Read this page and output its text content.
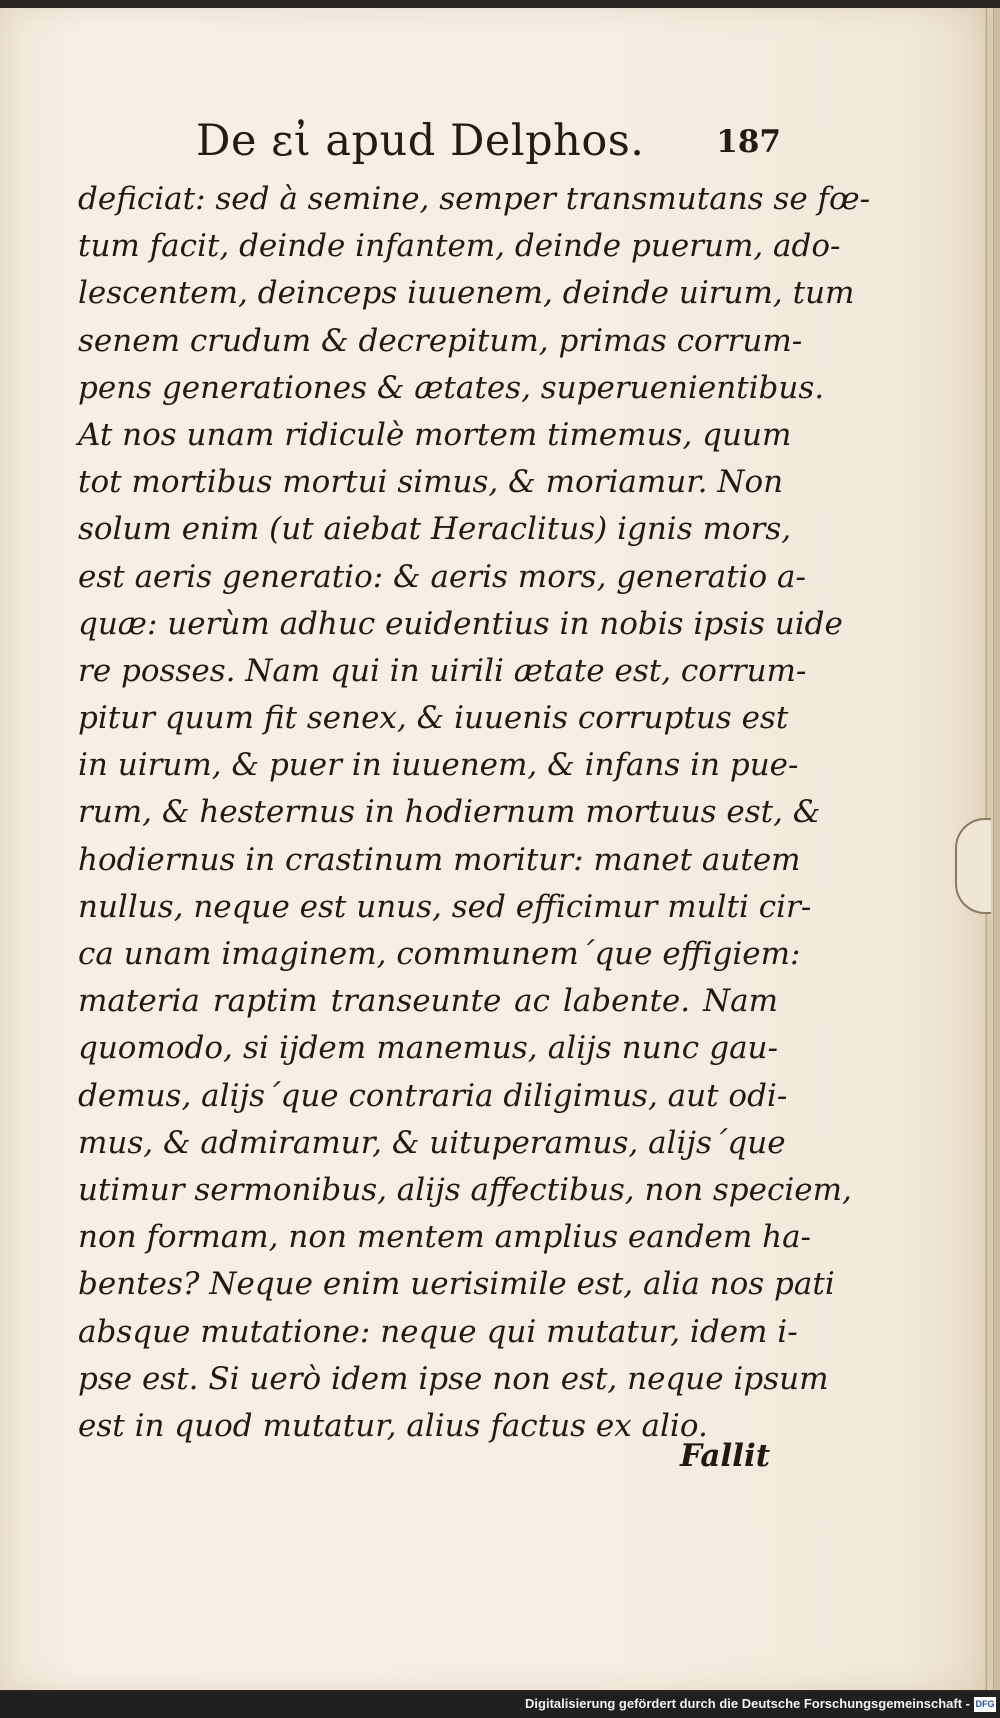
De εἰ apud Delphos. 187
deficiat: sed à semine, semper transmutans se fœ-
tum facit, deinde infantem, deinde puerum, ado-
lescentem, deinceps iuuenem, deinde uirum, tum
senem crudum & decrepitum, primas corrum-
pens generationes & ætates, superuenientibus.
At nos unam ridiculè mortem timemus, quum
tot mortibus mortui simus, & moriamur. Non
solum enim (ut aiebat Heraclitus) ignis mors,
est aeris generatio: & aeris mors, generatio a-
quæ: uerùm adhuc euidentius in nobis ipsis uide
re posses. Nam qui in uirili ætate est, corrum-
pitur quum fit senex, & iuuenis corruptus est
in uirum, & puer in iuuenem, & infans in pue-
rum, & hesternus in hodiernum mortuus est, &
hodiernus in crastinum moritur: manet autem
nullus, neque est unus, sed efficimur multi cir-
ca unam imaginem, communem´que effigiem:
materia raptim transeunte ac labente. Nam
quomodo, si ijdem manemus, alijs nunc gau-
demus, alijs´que contraria diligimus, aut odi-
mus, & admiramur, & uituperamus, alijs´que
utimur sermonibus, alijs affectibus, non speciem,
non formam, non mentem amplius eandem ha-
bentes? Neque enim uerisimile est, alia nos pati
absque mutatione: neque qui mutatur, idem i-
pse est. Si uerò idem ipse non est, neque ipsum
est in quod mutatur, alius factus ex alio.
Fallit
Digitalisierung gefördert durch die Deutsche Forschungsgemeinschaft - DFG
